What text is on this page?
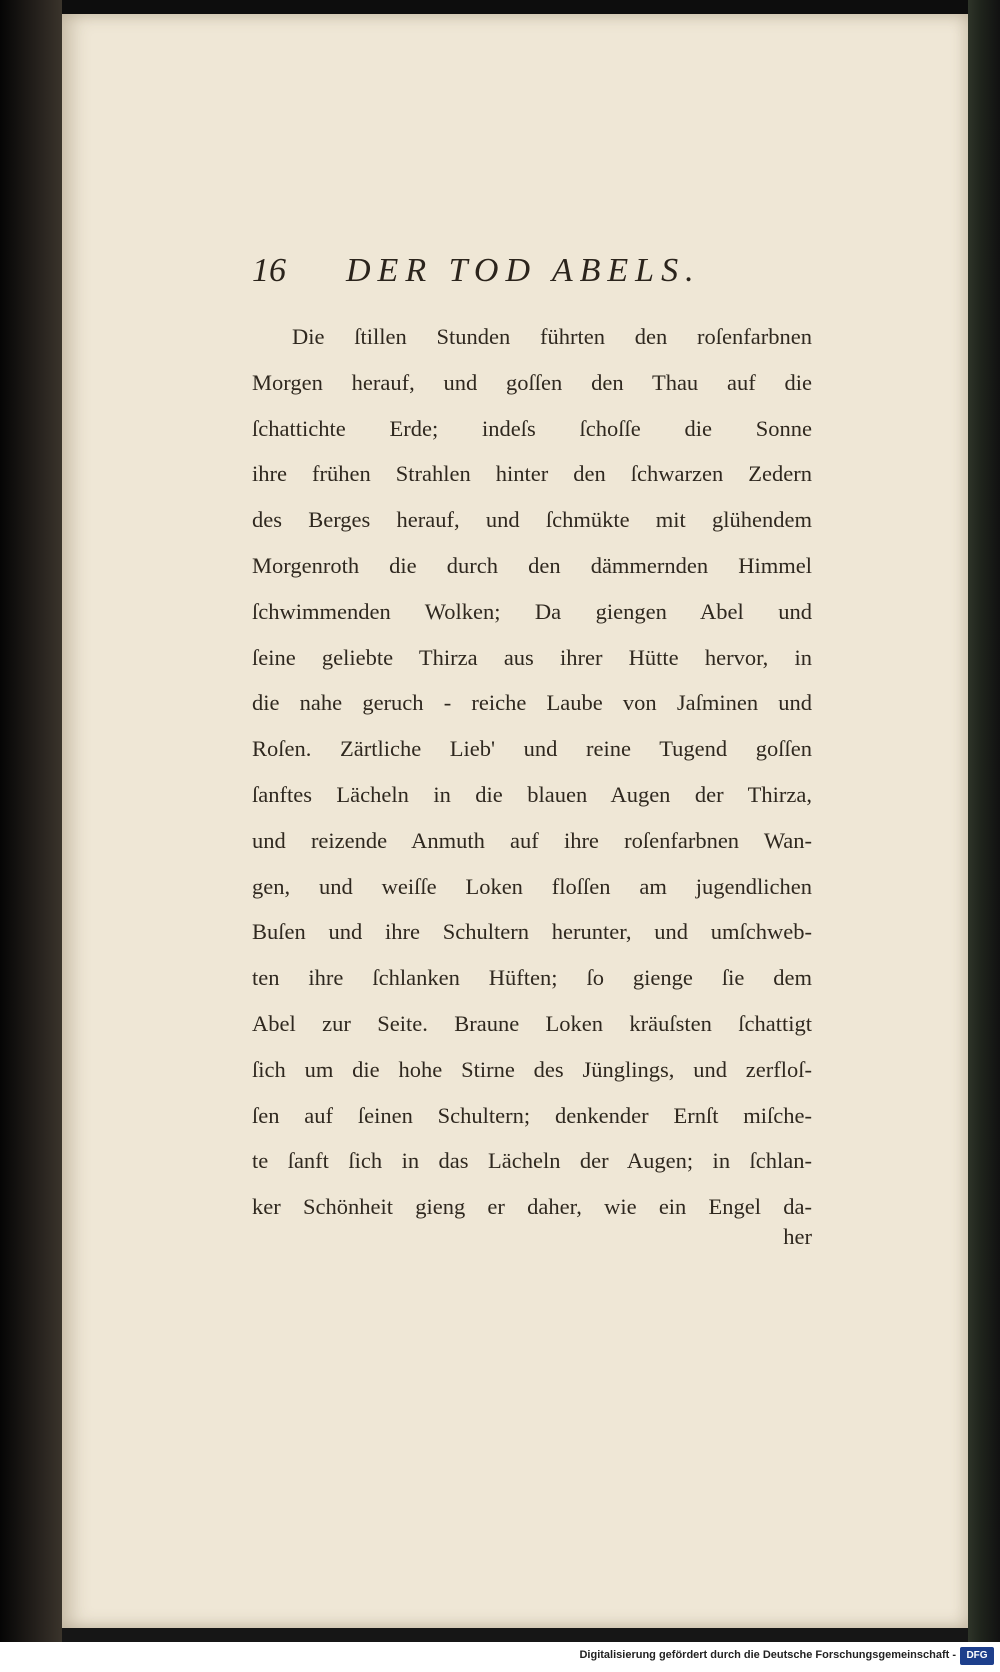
16 DER TOD ABELS.
Die ſtillen Stunden führten den roſenfarbnen
Morgen herauf, und goſſen den Thau auf die
ſchattichte Erde; indeſs ſchoſſe die Sonne
ihre frühen Strahlen hinter den ſchwarzen Zedern
des Berges herauf, und ſchmükte mit glühendem
Morgenroth die durch den dämmernden Himmel
ſchwimmenden Wolken; Da giengen Abel und
ſeine geliebte Thirza aus ihrer Hütte hervor, in
die nahe geruch - reiche Laube von Jaſminen und
Roſen. Zärtliche Lieb' und reine Tugend goſſen
ſanftes Lächeln in die blauen Augen der Thirza,
und reizende Anmuth auf ihre roſenfarbnen Wan-
gen, und weiſſe Loken floſſen am jugendlichen
Buſen und ihre Schultern herunter, und umſchweb-
ten ihre ſchlanken Hüften; ſo gienge ſie dem
Abel zur Seite. Braune Loken kräuſsten ſchattigt
ſich um die hohe Stirne des Jünglings, und zerfloſ-
ſen auf ſeinen Schultern; denkender Ernſt miſche-
te ſanft ſich in das Lächeln der Augen; in ſchlan-
ker Schönheit gieng er daher, wie ein Engel da-
her
Digitalisierung gefördert durch die Deutsche Forschungsgemeinschaft -	DFG
